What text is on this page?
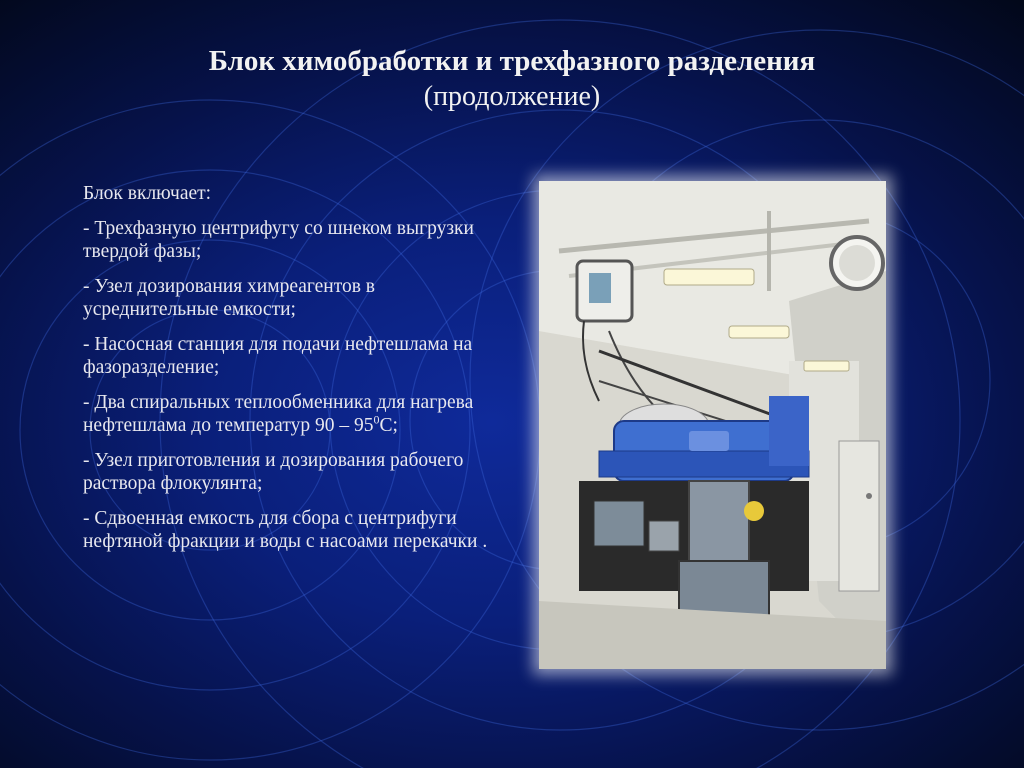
Блок химобработки и трехфазного разделения
(продолжение)

Блок включает:

- Трехфазную центрифугу со шнеком выгрузки твердой фазы;

- Узел дозирования химреагентов в усреднительные емкости;

- Насосная станция для подачи нефтешлама на фазоразделение;

- Два спиральных теплообменника для нагрева нефтешлама до температур $90 - 95^0С$;

- Узел приготовления и дозирования рабочего раствора флокулянта;

- Сдвоенная емкость для сбора с центрифуги нефтяной фракции и воды с насоами перекачки .
